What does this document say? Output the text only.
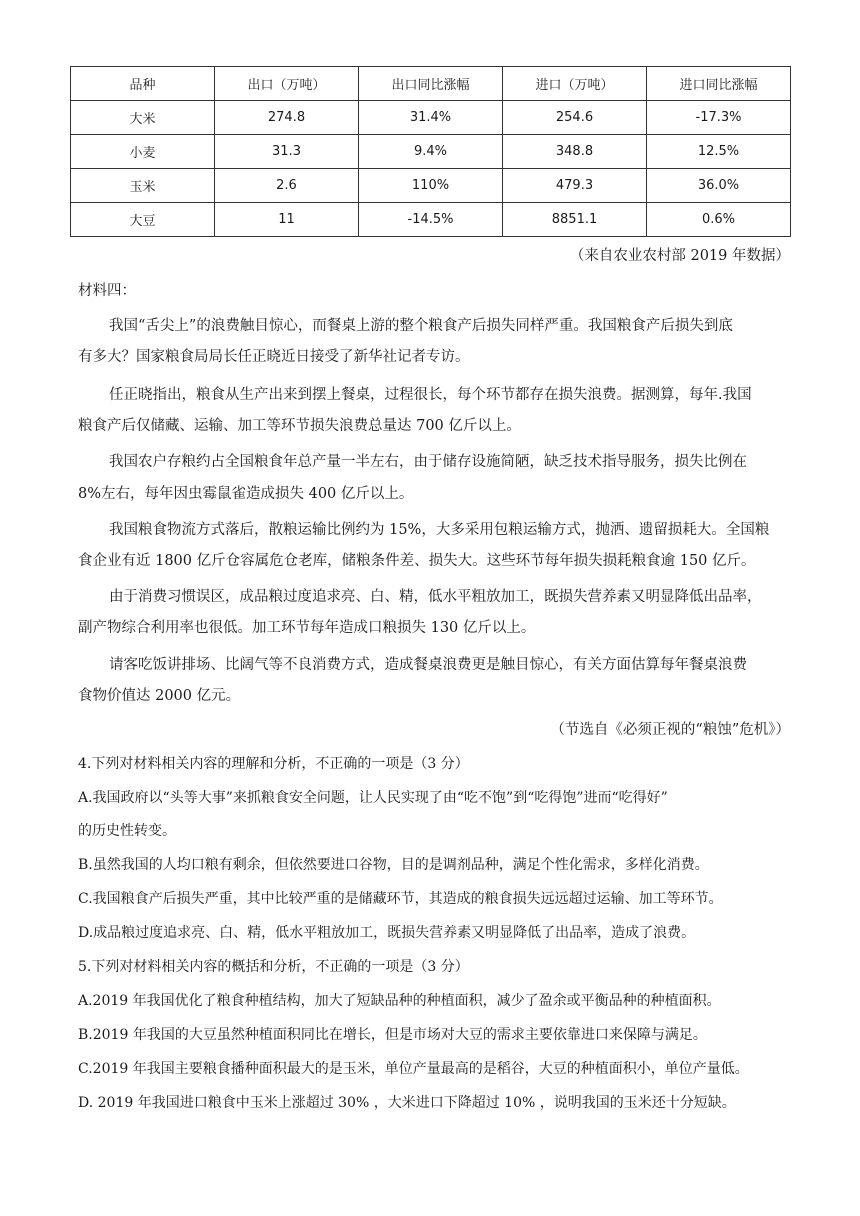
品种	出口（万吨）	出口同比涨幅	进口（万吨）	进口同比涨幅
大米	274.8	31.4%	254.6	-17.3%
小麦	31.3	9.4%	348.8	12.5%
玉米	2.6	110%	479.3	36.0%
大豆	11	-14.5%	8851.1	0.6%
（来自农业农村部 2019 年数据）
材料四：
我国“舌尖上”的浪费触目惊心，而餐桌上游的整个粮食产后损失同样严重。我国粮食产后损失到底
有多大？国家粮食局局长任正晓近日接受了新华社记者专访。
任正晓指出，粮食从生产出来到摆上餐桌，过程很长，每个环节都存在损失浪费。据测算，每年.我国
粮食产后仅储藏、运输、加工等环节损失浪费总量达 700 亿斤以上。
我国农户存粮约占全国粮食年总产量一半左右，由于储存设施简陋，缺乏技术指导服务，损失比例在
8%左右，每年因虫霉鼠雀造成损失 400 亿斤以上。
我国粮食物流方式落后，散粮运输比例约为 15%，大多采用包粮运输方式，抛洒、遗留损耗大。全国粮
食企业有近 1800 亿斤仓容属危仓老库，储粮条件差、损失大。这些环节每年损失损耗粮食逾 150 亿斤。
由于消费习惯误区，成品粮过度追求亮、白、精，低水平粗放加工，既损失营养素又明显降低出品率，
副产物综合利用率也很低。加工环节每年造成口粮损失 130 亿斤以上。
请客吃饭讲排场、比阔气等不良消费方式，造成餐桌浪费更是触目惊心，有关方面估算每年餐桌浪费
食物价值达 2000 亿元。
（节选自《必须正视的“粮蚀”危机》）
4.下列对材料相关内容的理解和分析，不正确的一项是（3 分）
A.我国政府以“头等大事”来抓粮食安全问题，让人民实现了由“吃不饱”到“吃得饱”进而“吃得好”
的历史性转变。
B.虽然我国的人均口粮有剩余，但依然要进口谷物，目的是调剂品种，满足个性化需求，多样化消费。
C.我国粮食产后损失严重，其中比较严重的是储藏环节，其造成的粮食损失远远超过运输、加工等环节。
D.成品粮过度追求亮、白、精，低水平粗放加工，既损失营养素又明显降低了出品率，造成了浪费。
5.下列对材料相关内容的概括和分析，不正确的一项是（3 分）
A.2019 年我国优化了粮食种植结构，加大了短缺品种的种植面积，减少了盈余或平衡品种的种植面积。
B.2019 年我国的大豆虽然种植面积同比在增长，但是市场对大豆的需求主要依靠进口来保障与满足。
C.2019 年我国主要粮食播种面积最大的是玉米，单位产量最高的是稻谷，大豆的种植面积小，单位产量低。
D. 2019 年我国进口粮食中玉米上涨超过 30% ，大米进口下降超过 10% ，说明我国的玉米还十分短缺。
